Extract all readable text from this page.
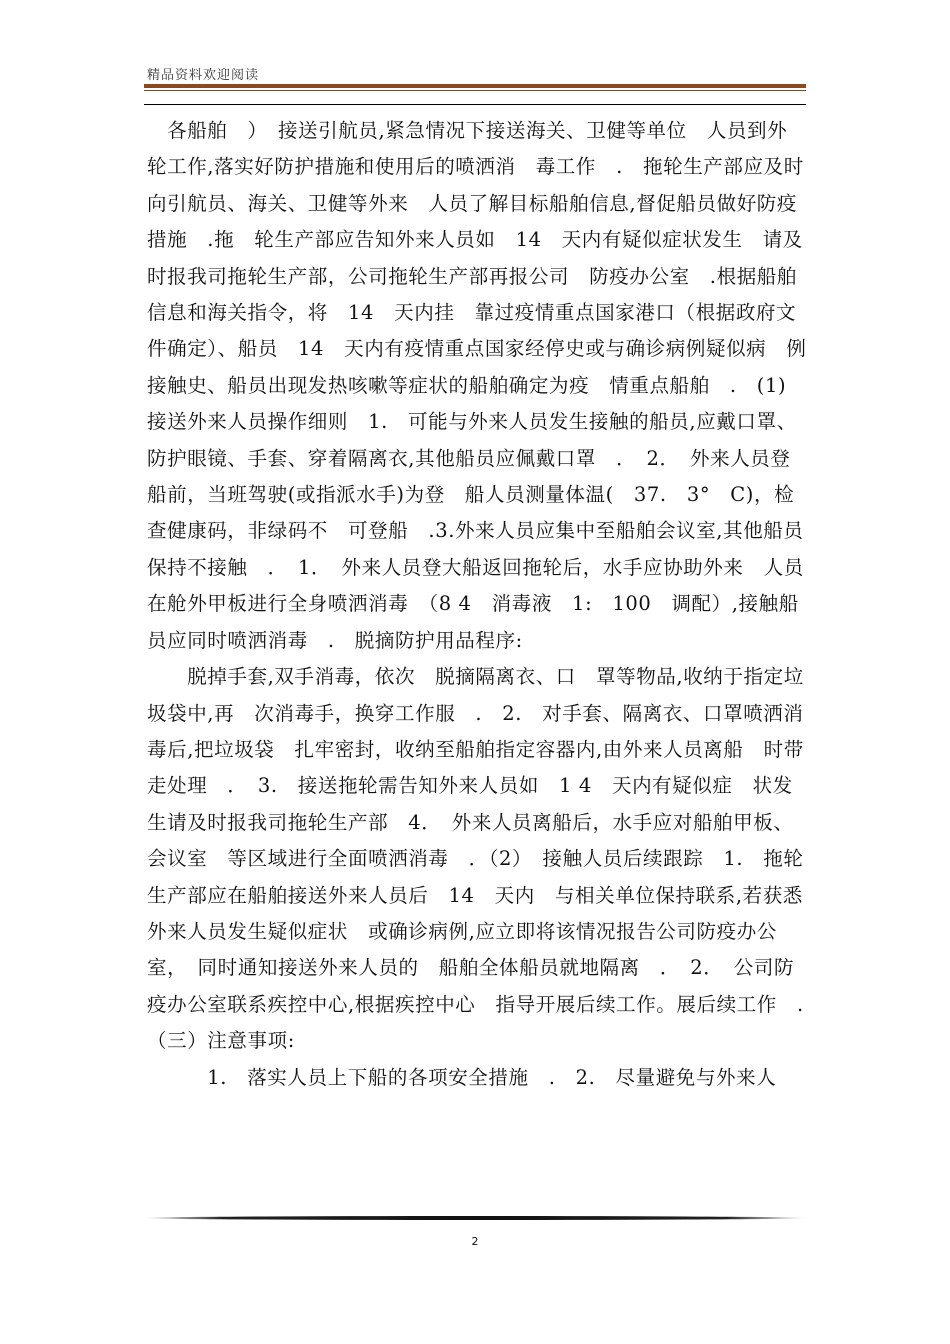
精品资料欢迎阅读

　各船舶　）　接送引航员,紧急情况下接送海关、卫健等单位　人员到外轮工作,落实好防护措施和使用后的喷洒消　毒工作　.　拖轮生产部应及时向引航员、海关、卫健等外来　人员了解目标船舶信息,督促船员做好防疫措施　.拖　轮生产部应告知外来人员如　14　天内有疑似症状发生　请及时报我司拖轮生产部，公司拖轮生产部再报公司　防疫办公室　.根据船舶信息和海关指令，将　14　天内挂　靠过疫情重点国家港口（根据政府文件确定）、船员　14　天内有疫情重点国家经停史或与确诊病例疑似病　例接触史、船员出现发热咳嗽等症状的船舶确定为疫　情重点船舶　.　(1)　接送外来人员操作细则　1.　可能与外来人员发生接触的船员,应戴口罩、　防护眼镜、手套、穿着隔离衣,其他船员应佩戴口罩　．　2．　外来人员登船前，当班驾驶(或指派水手)为登　船人员测量体温(　37.　3°　C)，检查健康码，非绿码不　可登船　.3.外来人员应集中至船舶会议室,其他船员　保持不接触　．　1．　外来人员登大船返回拖轮后，水手应协助外来　人员在舱外甲板进行全身喷洒消毒　（8 4　消毒液　1:　100　调配）,接触船员应同时喷洒消毒　.　脱摘防护用品程序:

　　脱掉手套,双手消毒，依次　脱摘隔离衣、口　罩等物品,收纳于指定垃圾袋中,再　次消毒手，换穿工作服　.　2.　对手套、隔离衣、口罩喷洒消毒后,把垃圾袋　扎牢密封，收纳至船舶指定容器内,由外来人员离船　时带走处理　．　3.　接送拖轮需告知外来人员如　1 4　天内有疑似症　状发生请及时报我司拖轮生产部　4．　外来人员离船后，水手应对船舶甲板、会议室　等区域进行全面喷洒消毒　．（2）　接触人员后续跟踪　1.　拖轮生产部应在船舶接送外来人员后　14　天内　与相关单位保持联系,若获悉外来人员发生疑似症状　或确诊病例,应立即将该情况报告公司防疫办公室，　同时通知接送外来人员的　船舶全体船员就地隔离　．　2．　公司防疫办公室联系疾控中心,根据疾控中心　指导开展后续工作。展后续工作　.　（三）注意事项:

　　　1.　落实人员上下船的各项安全措施　.　2.　尽量避免与外来人

2
